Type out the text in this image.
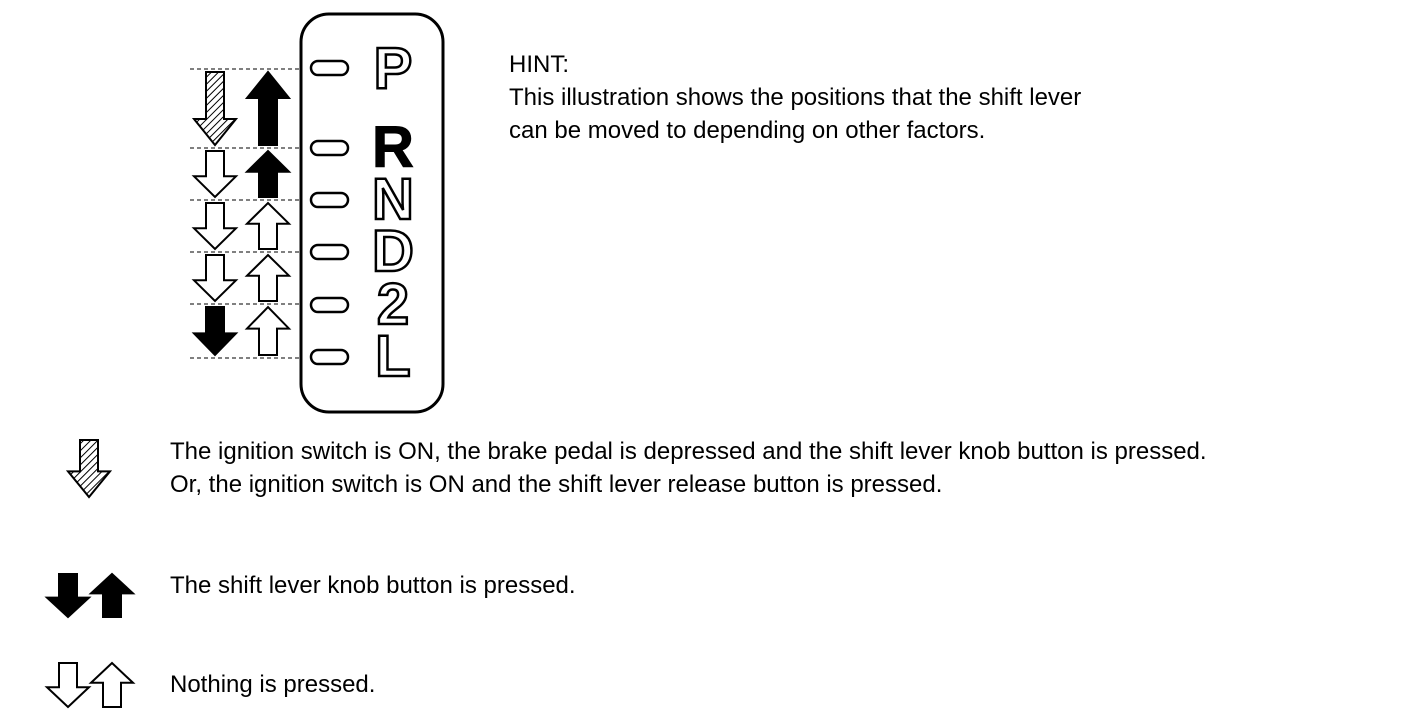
P
R
N
D
2
L
HINT:
This illustration shows the positions that the shift lever
can be moved to depending on other factors.
The ignition switch is ON, the brake pedal is depressed and the shift lever knob button is pressed.
Or, the ignition switch is ON and the shift lever release button is pressed.
The shift lever knob button is pressed.
Nothing is pressed.
